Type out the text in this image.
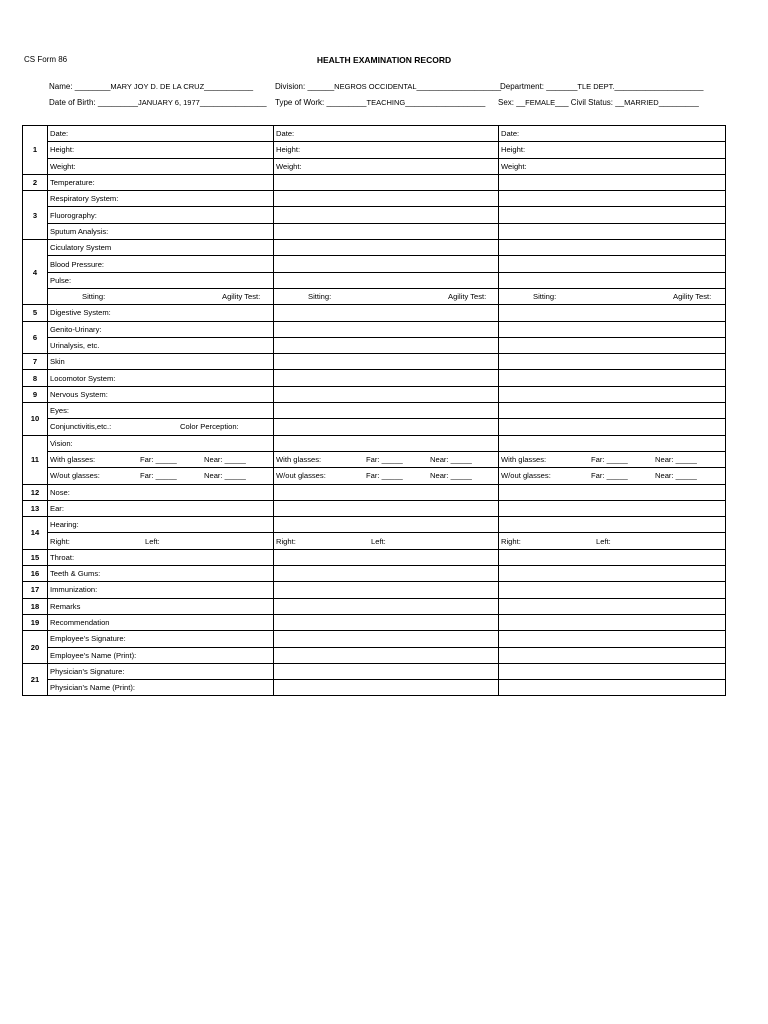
CS Form 86	HEALTH EXAMINATION RECORD
Name: ________MARY JOY D. DE LA CRUZ___________	Division: ______NEGROS OCCIDENTAL___________________
Department: _______TLE DEPT.____________________
Date of Birth: _________JANUARY 6, 1977_______________ Type of Work: _________TEACHING__________________ Sex: __FEMALE___ Civil Status: __MARRIED_________
1	Date:	Date:	Date:
	Height:	Height:	Height:
	Weight:	Weight:	Weight:
2	Temperature:		
3	Respiratory System:		
	Fluorography:		
	Sputum Analysis:		
4	Ciculatory System		
	Blood Pressure:		
	Pulse:		
	Sitting: Agility Test:	Sitting: Agility Test:	Sitting: Agility Test:
5	Digestive System:		
6	Genito-Urinary:		
	Urinalysis, etc.		
7	Skin		
8	Locomotor System:		
9	Nervous System:		
10	Eyes:		
	Conjunctivitis,etc.: Color Perception:		
11	Vision:		
	With glasses: Far: _____ Near: _____	With glasses: Far: _____ Near: _____	With glasses: Far: _____ Near: _____
	W/out glasses: Far: _____ Near: _____	W/out glasses: Far: _____ Near: _____	W/out glasses: Far: _____ Near: _____
12	Nose:		
13	Ear:		
14	Hearing:		
	Right: Left:	Right: Left:	Right: Left:
15	Throat:		
16	Teeth & Gums:		
17	Immunization:		
18	Remarks		
19	Recommendation		
20	Employee's Signature:		
	Employee's Name (Print):		
21	Physician's Signature:		
	Physician's Name (Print):		
